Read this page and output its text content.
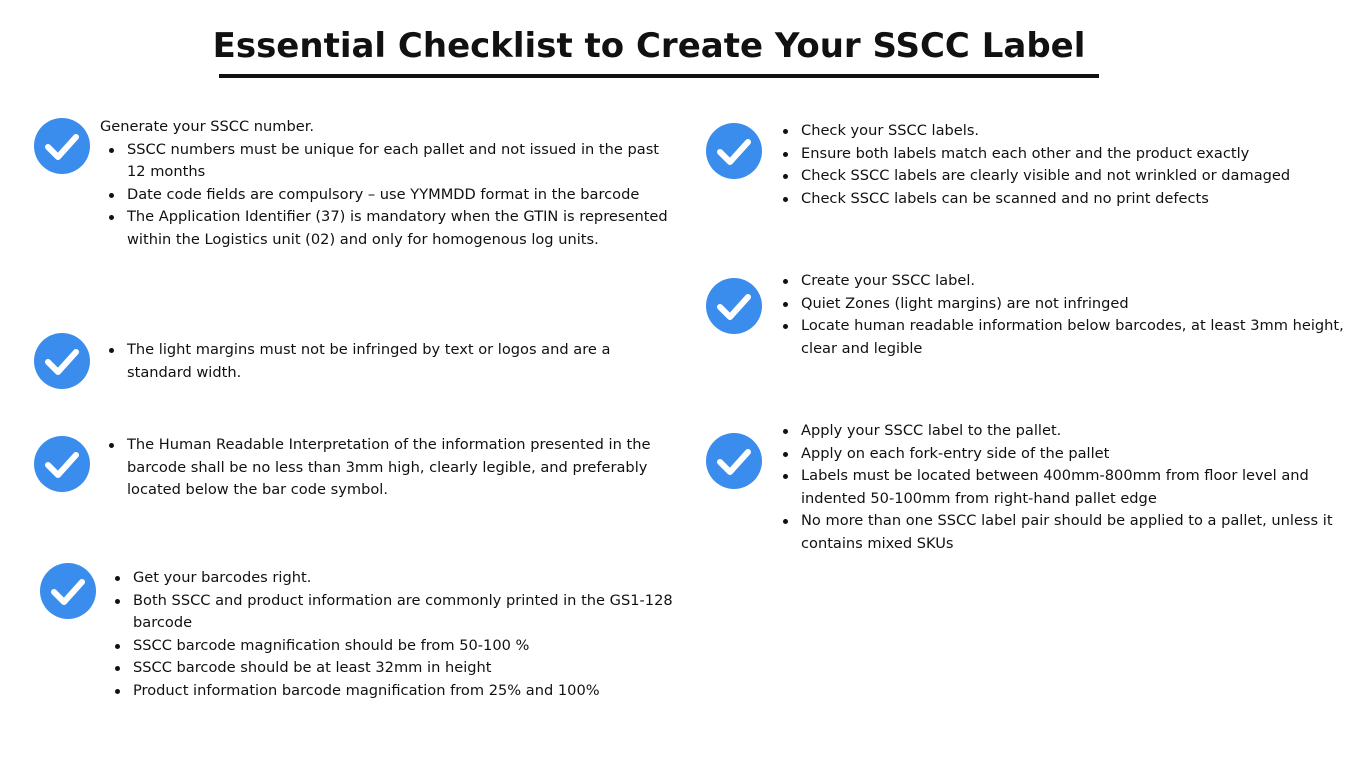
Essential Checklist to Create Your SSCC Label

Generate your SSCC number.

SSCC numbers must be unique for each pallet and not issued in the past 12 months
Date code fields are compulsory – use YYMMDD format in the barcode
The Application Identifier (37) is mandatory when the GTIN is represented within the Logistics unit (02) and only for homogenous log units.
The light margins must not be infringed by text or logos and are a standard width.
The Human Readable Interpretation of the information presented in the barcode shall be no less than 3mm high, clearly legible, and preferably located below the bar code symbol.
Get your barcodes right.
Both SSCC and product information are commonly printed in the GS1-128 barcode
SSCC barcode magnification should be from 50-100 %
SSCC barcode should be at least 32mm in height
Product information barcode magnification from 25% and 100%
Check your SSCC labels.
Ensure both labels match each other and the product exactly
Check SSCC labels are clearly visible and not wrinkled or damaged
Check SSCC labels can be scanned and no print defects
Create your SSCC label.
Quiet Zones (light margins) are not infringed
Locate human readable information below barcodes, at least 3mm height, clear and legible
Apply your SSCC label to the pallet.
Apply on each fork-entry side of the pallet
Labels must be located between 400mm-800mm from floor level and indented 50-100mm from right-hand pallet edge
No more than one SSCC label pair should be applied to a pallet, unless it contains mixed SKUs
